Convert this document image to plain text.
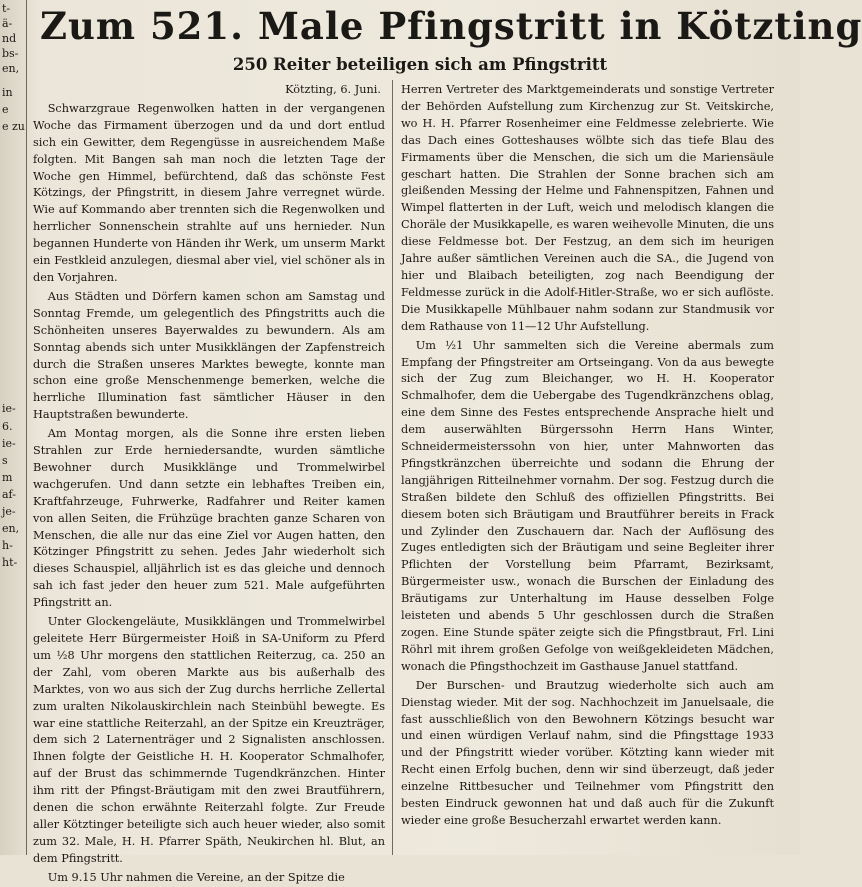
t-
ä-
nd
bs-
en,
in
e
e zu
ie-
6.
ie-
s
m
af-
je-
en,
h-
ht-
Zum 521. Male Pfingstritt in Kötzting
250 Reiter beteiligen sich am Pfingstritt
Kötzting, 6. Juni.

Schwarzgraue Regenwolken hatten in der vergangenen Woche das Firmament überzogen und da und dort entlud sich ein Gewitter, dem Regengüsse in ausreichendem Maße folgten. Mit Bangen sah man noch die letzten Tage der Woche gen Himmel, befürchtend, daß das schönste Fest Kötzings, der Pfingstritt, in diesem Jahre verregnet würde. Wie auf Kommando aber trennten sich die Regenwolken und herrlicher Sonnenschein strahlte auf uns hernieder. Nun begannen Hunderte von Händen ihr Werk, um unserm Markt ein Festkleid anzulegen, diesmal aber viel, viel schöner als in den Vorjahren.

Aus Städten und Dörfern kamen schon am Samstag und Sonntag Fremde, um gelegentlich des Pfingstritts auch die Schönheiten unseres Bayerwaldes zu bewundern. Als am Sonntag abends sich unter Musikklängen der Zapfenstreich durch die Straßen unseres Marktes bewegte, konnte man schon eine große Menschenmenge bemerken, welche die herrliche Illumination fast sämtlicher Häuser in den Hauptstraßen bewunderte.

Am Montag morgen, als die Sonne ihre ersten lieben Strahlen zur Erde herniedersandte, wurden sämtliche Bewohner durch Musikklänge und Trommelwirbel wachgerufen. Und dann setzte ein lebhaftes Treiben ein, Kraftfahrzeuge, Fuhrwerke, Radfahrer und Reiter kamen von allen Seiten, die Frühzüge brachten ganze Scharen von Menschen, die alle nur das eine Ziel vor Augen hatten, den Kötzinger Pfingstritt zu sehen. Jedes Jahr wiederholt sich dieses Schauspiel, alljährlich ist es das gleiche und dennoch sah ich fast jeder den heuer zum 521. Male aufgeführten Pfingstritt an.

Unter Glockengeläute, Musikklängen und Trommelwirbel geleitete Herr Bürgermeister Hoiß in SA-Uniform zu Pferd um ½8 Uhr morgens den stattlichen Reiterzug, ca. 250 an der Zahl, vom oberen Markte aus bis außerhalb des Marktes, von wo aus sich der Zug durchs herrliche Zellertal zum uralten Nikolauskirchlein nach Steinbühl bewegte. Es war eine stattliche Reiterzahl, an der Spitze ein Kreuzträger, dem sich 2 Laternenträger und 2 Signalisten anschlossen. Ihnen folgte der Geistliche H. H. Kooperator Schmalhofer, auf der Brust das schimmernde Tugendkränzchen. Hinter ihm ritt der Pfingst-Bräutigam mit den zwei Brautführern, denen die schon erwähnte Reiterzahl folgte. Zur Freude aller Kötztinger beteiligte sich auch heuer wieder, also somit zum 32. Male, H. H. Pfarrer Späth, Neukirchen hl. Blut, an dem Pfingstritt.

Um 9.15 Uhr nahmen die Vereine, an der Spitze die

Herren Vertreter des Marktgemeinderats und sonstige Vertreter der Behörden Aufstellung zum Kirchenzug zur St. Veitskirche, wo H. H. Pfarrer Rosenheimer eine Feldmesse zelebrierte. Wie das Dach eines Gotteshauses wölbte sich das tiefe Blau des Firmaments über die Menschen, die sich um die Mariensäule geschart hatten. Die Strahlen der Sonne brachen sich am gleißenden Messing der Helme und Fahnenspitzen, Fahnen und Wimpel flatterten in der Luft, weich und melodisch klangen die Choräle der Musikkapelle, es waren weihevolle Minuten, die uns diese Feldmesse bot. Der Festzug, an dem sich im heurigen Jahre außer sämtlichen Vereinen auch die SA., die Jugend von hier und Blaibach beteiligten, zog nach Beendigung der Feldmesse zurück in die Adolf-Hitler-Straße, wo er sich auflöste. Die Musikkapelle Mühlbauer nahm sodann zur Standmusik vor dem Rathause von 11—12 Uhr Aufstellung.

Um ½1 Uhr sammelten sich die Vereine abermals zum Empfang der Pfingstreiter am Ortseingang. Von da aus bewegte sich der Zug zum Bleichanger, wo H. H. Kooperator Schmalhofer, dem die Uebergabe des Tugendkränzchens oblag, eine dem Sinne des Festes entsprechende Ansprache hielt und dem auserwählten Bürgerssohn Herrn Hans Winter, Schneidermeisterssohn von hier, unter Mahnworten das Pfingstkränzchen überreichte und sodann die Ehrung der langjährigen Ritteilnehmer vornahm. Der sog. Festzug durch die Straßen bildete den Schluß des offiziellen Pfingstritts. Bei diesem boten sich Bräutigam und Brautführer bereits in Frack und Zylinder den Zuschauern dar. Nach der Auflösung des Zuges entledigten sich der Bräutigam und seine Begleiter ihrer Pflichten der Vorstellung beim Pfarramt, Bezirksamt, Bürgermeister usw., wonach die Burschen der Einladung des Bräutigams zur Unterhaltung im Hause desselben Folge leisteten und abends 5 Uhr geschlossen durch die Straßen zogen. Eine Stunde später zeigte sich die Pfingstbraut, Frl. Lini Röhrl mit ihrem großen Gefolge von weißgekleideten Mädchen, wonach die Pfingsthochzeit im Gasthause Januel stattfand.

Der Burschen- und Brautzug wiederholte sich auch am Dienstag wieder. Mit der sog. Nachhochzeit im Januelsaale, die fast ausschließlich von den Bewohnern Kötzings besucht war und einen würdigen Verlauf nahm, sind die Pfingsttage 1933 und der Pfingstritt wieder vorüber. Kötzting kann wieder mit Recht einen Erfolg buchen, denn wir sind überzeugt, daß jeder einzelne Rittbesucher und Teilnehmer vom Pfingstritt den besten Eindruck gewonnen hat und daß auch für die Zukunft wieder eine große Besucherzahl erwartet werden kann.
